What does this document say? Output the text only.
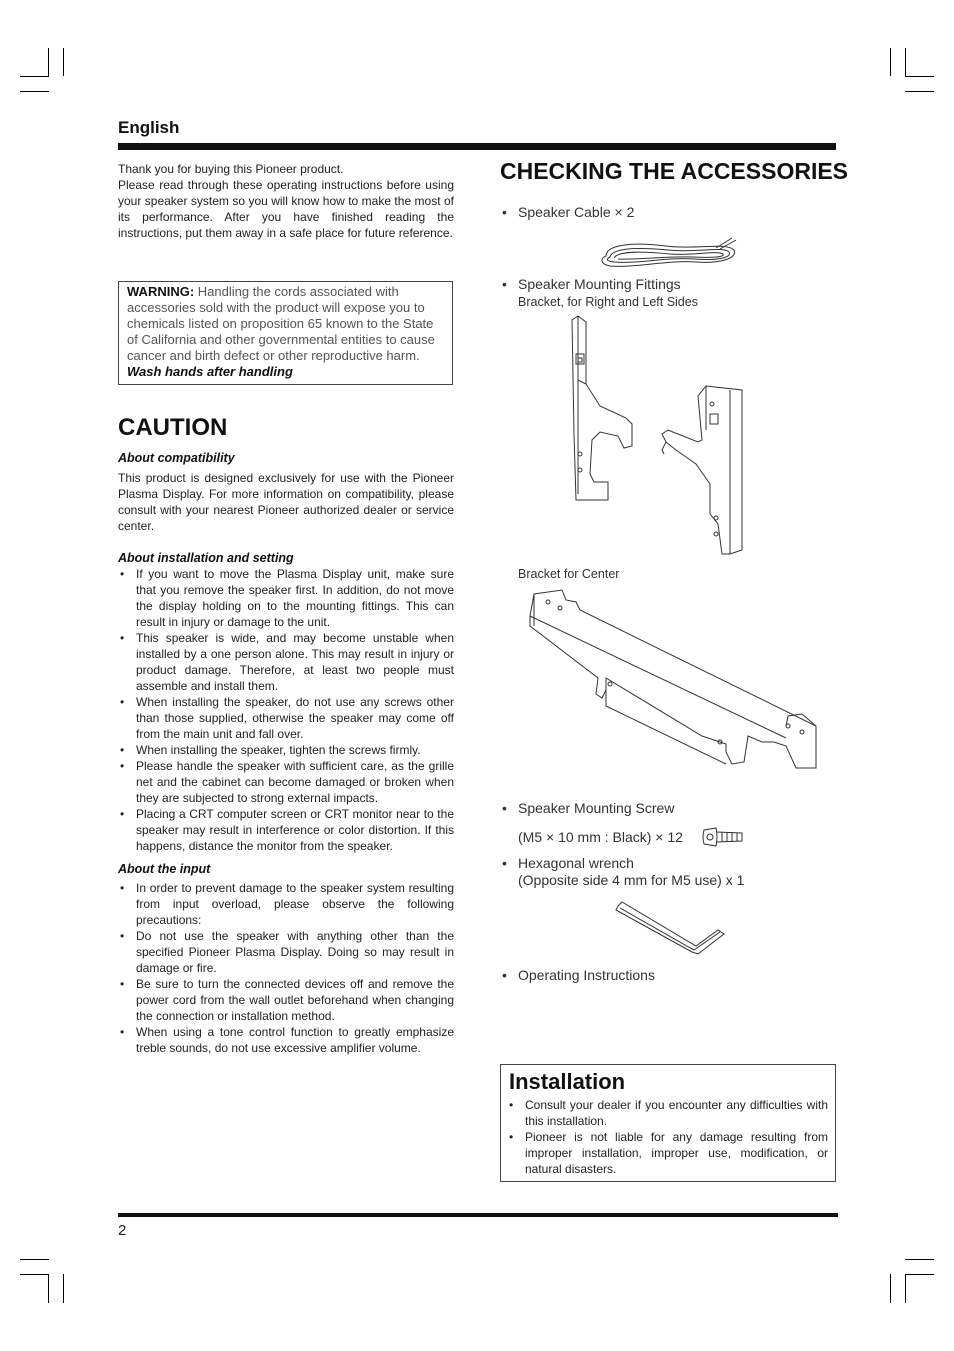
English
Thank you for buying this Pioneer product.
Please read through these operating instructions before using your speaker system so you will know how to make the most of its performance. After you have finished reading the instructions, put them away in a safe place for future reference.
WARNING: Handling the cords associated with accessories sold with the product will expose you to chemicals listed on proposition 65 known to the State of California and other governmental entities to cause cancer and birth defect or other reproductive harm.
Wash hands after handling
CAUTION
About compatibility
This product is designed exclusively for use with the Pioneer Plasma Display. For more information on compatibility, please consult with your nearest Pioneer authorized dealer or service center.
About installation and setting
• If you want to move the Plasma Display unit, make sure that you remove the speaker first. In addition, do not move the display holding on to the mounting fittings. This can result in injury or damage to the unit.
• This speaker is wide, and may become unstable when installed by a one person alone. This may result in injury or product damage. Therefore, at least two people must assemble and install them.
• When installing the speaker, do not use any screws other than those supplied, otherwise the speaker may come off from the main unit and fall over.
• When installing the speaker, tighten the screws firmly.
• Please handle the speaker with sufficient care, as the grille net and the cabinet can become damaged or broken when they are subjected to strong external impacts.
• Placing a CRT computer screen or CRT monitor near to the speaker may result in interference or color distortion. If this happens, distance the monitor from the speaker.
About the input
• In order to prevent damage to the speaker system resulting from input overload, please observe the following precautions:
• Do not use the speaker with anything other than the specified Pioneer Plasma Display. Doing so may result in damage or fire.
• Be sure to turn the connected devices off and remove the power cord from the wall outlet beforehand when changing the connection or installation method.
• When using a tone control function to greatly emphasize treble sounds, do not use excessive amplifier volume.
CHECKING THE ACCESSORIES
• Speaker Cable × 2
• Speaker Mounting Fittings
Bracket, for Right and Left Sides
Bracket for Center
• Speaker Mounting Screw
(M5 × 10 mm : Black) × 12
• Hexagonal wrench
(Opposite side 4 mm for M5 use) x 1
• Operating Instructions
Installation
• Consult your dealer if you encounter any difficulties with this installation.
• Pioneer is not liable for any damage resulting from improper installation, improper use, modification, or natural disasters.
2
